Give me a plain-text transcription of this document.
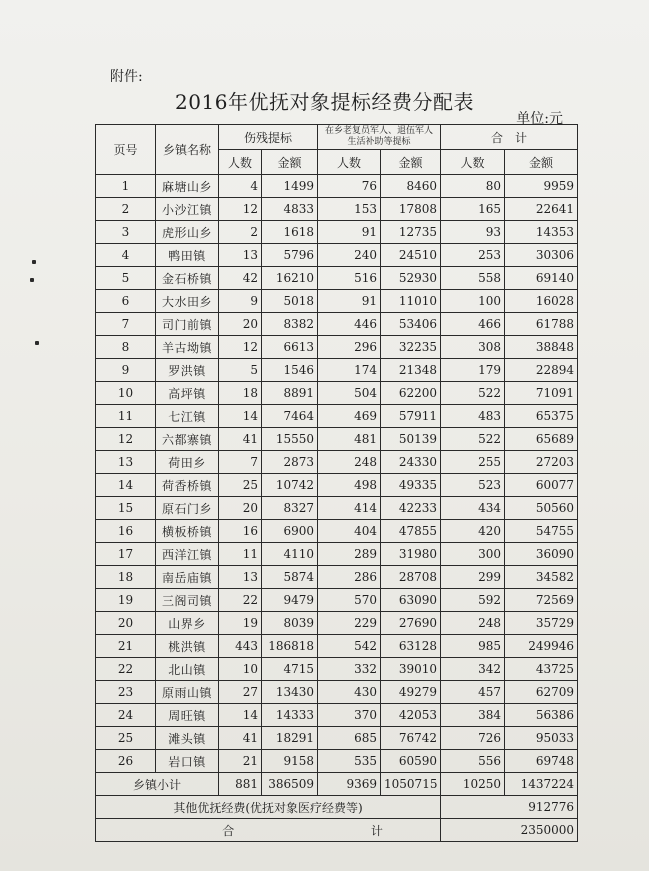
附件:
2016年优抚对象提标经费分配表
单位:元
页号	乡镇名称	伤残提标		在乡老复员军人、退伍军人生活补助等提标		合　计	
		人数	金额	人数	金额	人数	金额
1	麻塘山乡	4	1499	76	8460	80	9959
2	小沙江镇	12	4833	153	17808	165	22641
3	虎形山乡	2	1618	91	12735	93	14353
4	鸭田镇	13	5796	240	24510	253	30306
5	金石桥镇	42	16210	516	52930	558	69140
6	大水田乡	9	5018	91	11010	100	16028
7	司门前镇	20	8382	446	53406	466	61788
8	羊古坳镇	12	6613	296	32235	308	38848
9	罗洪镇	5	1546	174	21348	179	22894
10	高坪镇	18	8891	504	62200	522	71091
11	七江镇	14	7464	469	57911	483	65375
12	六都寨镇	41	15550	481	50139	522	65689
13	荷田乡	7	2873	248	24330	255	27203
14	荷香桥镇	25	10742	498	49335	523	60077
15	原石门乡	20	8327	414	42233	434	50560
16	横板桥镇	16	6900	404	47855	420	54755
17	西洋江镇	11	4110	289	31980	300	36090
18	南岳庙镇	13	5874	286	28708	299	34582
19	三阁司镇	22	9479	570	63090	592	72569
20	山界乡	19	8039	229	27690	248	35729
21	桃洪镇	443	186818	542	63128	985	249946
22	北山镇	10	4715	332	39010	342	43725
23	原雨山镇	27	13430	430	49279	457	62709
24	周旺镇	14	14333	370	42053	384	56386
25	滩头镇	41	18291	685	76742	726	95033
26	岩口镇	21	9158	535	60590	556	69748
乡镇小计		881	386509	9369	1050715	10250	1437224
其他优抚经费(优抚对象医疗经费等)						912776	
合 计						2350000	
